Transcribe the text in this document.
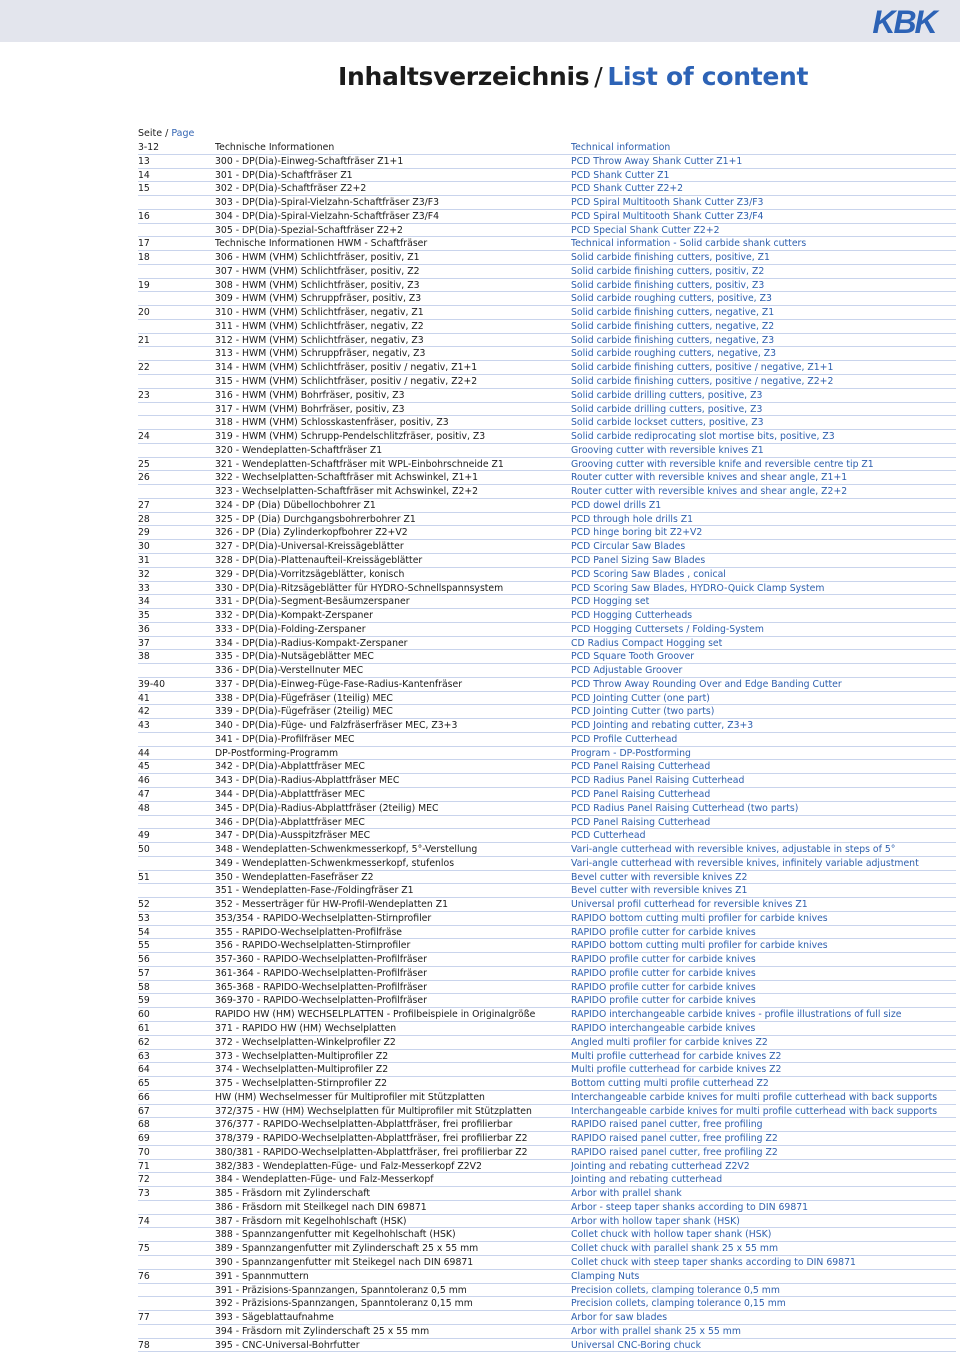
KBK
Inhaltsverzeichnis / List of content
Seite / Page
3-12	Technische Informationen	Technical information
13	300 - DP(Dia)-Einweg-Schaftfräser Z1+1	PCD Throw Away Shank Cutter Z1+1
14	301 - DP(Dia)-Schaftfräser Z1	PCD Shank Cutter Z1
15	302 - DP(Dia)-Schaftfräser Z2+2	PCD Shank Cutter Z2+2
303 - DP(Dia)-Spiral-Vielzahn-Schaftfräser Z3/F3	PCD Spiral Multitooth Shank Cutter Z3/F3
16	304 - DP(Dia)-Spiral-Vielzahn-Schaftfräser Z3/F4	PCD Spiral Multitooth Shank Cutter Z3/F4
305 - DP(Dia)-Spezial-Schaftfräser Z2+2	PCD Special Shank Cutter Z2+2
17	Technische Informationen HWM - Schaftfräser	Technical information - Solid carbide shank cutters
18	306 - HWM (VHM) Schlichtfräser, positiv, Z1	Solid carbide finishing cutters, positive, Z1
307 - HWM (VHM) Schlichtfräser, positiv, Z2	Solid carbide finishing cutters, positiv, Z2
19	308 - HWM (VHM) Schlichtfräser, positiv, Z3	Solid carbide finishing cutters, positiv, Z3
309 - HWM (VHM) Schruppfräser, positiv, Z3	Solid carbide roughing cutters, positive, Z3
20	310 - HWM (VHM) Schlichtfräser, negativ, Z1	Solid carbide finishing cutters, negative, Z1
311 - HWM (VHM) Schlichtfräser, negativ, Z2	Solid carbide finishing cutters, negative, Z2
21	312 - HWM (VHM) Schlichtfräser, negativ, Z3	Solid carbide finishing cutters, negative, Z3
313 - HWM (VHM) Schruppfräser, negativ, Z3	Solid carbide roughing cutters, negative, Z3
22	314 - HWM (VHM) Schlichtfräser, positiv / negativ, Z1+1	Solid carbide finishing cutters, positive / negative, Z1+1
315 - HWM (VHM) Schlichtfräser, positiv / negativ, Z2+2	Solid carbide finishing cutters, positive / negative, Z2+2
23	316 - HWM (VHM) Bohrfräser, positiv, Z3	Solid carbide drilling cutters, positive, Z3
317 - HWM (VHM) Bohrfräser, positiv, Z3	Solid carbide drilling cutters, positive, Z3
318 - HWM (VHM) Schlosskastenfräser, positiv, Z3	Solid carbide lockset cutters, positive, Z3
24	319 - HWM (VHM) Schrupp-Pendelschlitzfräser, positiv, Z3	Solid carbide rediprocating slot mortise bits, positive, Z3
320 - Wendeplatten-Schaftfräser Z1	Grooving cutter with reversible knives Z1
25	321 - Wendeplatten-Schaftfräser mit WPL-Einbohrschneide Z1	Grooving cutter with reversible knife and reversible centre tip Z1
26	322 - Wechselplatten-Schaftfräser mit Achswinkel, Z1+1	Router cutter with reversible knives and shear angle, Z1+1
323 - Wechselplatten-Schaftfräser mit Achswinkel, Z2+2	Router cutter with reversible knives and shear angle, Z2+2
27	324 - DP (Dia) Dübellochbohrer Z1	PCD dowel drills Z1
28	325 - DP (Dia) Durchgangsbohrerbohrer Z1	PCD through hole drills Z1
29	326 - DP (Dia) Zylinderkopfbohrer Z2+V2	PCD hinge boring bit Z2+V2
30	327 - DP(Dia)-Universal-Kreissägeblätter	PCD Circular Saw Blades
31	328 - DP(Dia)-Plattenaufteil-Kreissägeblätter	PCD Panel Sizing Saw Blades
32	329 - DP(Dia)-Vorritzsägeblätter, konisch	PCD Scoring Saw Blades , conical
33	330 - DP(Dia)-Ritzsägeblätter für HYDRO-Schnellspannsystem	PCD Scoring Saw Blades, HYDRO-Quick Clamp System
34	331 - DP(Dia)-Segment-Besäumzerspaner	PCD Hogging set
35	332 - DP(Dia)-Kompakt-Zerspaner	PCD Hogging Cutterheads
36	333 - DP(Dia)-Folding-Zerspaner	PCD Hogging Cuttersets / Folding-System
37	334 - DP(Dia)-Radius-Kompakt-Zerspaner	CD Radius Compact Hogging set
38	335 - DP(Dia)-Nutsägeblätter MEC	PCD Square Tooth Groover
336 - DP(Dia)-Verstellnuter MEC	PCD Adjustable Groover
39-40	337 - DP(Dia)-Einweg-Füge-Fase-Radius-Kantenfräser	PCD Throw Away Rounding Over and Edge Banding Cutter
41	338 - DP(Dia)-Fügefräser (1teilig) MEC	PCD Jointing Cutter (one part)
42	339 - DP(Dia)-Fügefräser (2teilig) MEC	PCD Jointing Cutter (two parts)
43	340 - DP(Dia)-Füge- und Falzfräserfräser MEC, Z3+3	PCD Jointing and rebating cutter, Z3+3
341 - DP(Dia)-Profilfräser MEC	PCD Profile Cutterhead
44	DP-Postforming-Programm	Program - DP-Postforming
45	342 - DP(Dia)-Abplattfräser MEC	PCD Panel Raising Cutterhead
46	343 - DP(Dia)-Radius-Abplattfräser MEC	PCD Radius Panel Raising Cutterhead
47	344 - DP(Dia)-Abplattfräser MEC	PCD Panel Raising Cutterhead
48	345 - DP(Dia)-Radius-Abplattfräser (2teilig) MEC	PCD Radius Panel Raising Cutterhead (two parts)
346 - DP(Dia)-Abplattfräser MEC	PCD Panel Raising Cutterhead
49	347 - DP(Dia)-Ausspitzfräser MEC	PCD Cutterhead
50	348 - Wendeplatten-Schwenkmesserkopf, 5°-Verstellung	Vari-angle cutterhead with reversible knives, adjustable in steps of 5°
349 - Wendeplatten-Schwenkmesserkopf, stufenlos	Vari-angle cutterhead with reversible knives, infinitely variable adjustment
51	350 - Wendeplatten-Fasefräser Z2	Bevel cutter with reversible knives Z2
351 - Wendeplatten-Fase-/Foldingfräser Z1	Bevel cutter with reversible knives Z1
52	352 - Messerträger für HW-Profil-Wendeplatten Z1	Universal profil cutterhead for reversible knives Z1
53	353/354 - RAPIDO-Wechselplatten-Stirnprofiler	RAPIDO bottom cutting multi profiler for carbide knives
54	355 - RAPIDO-Wechselplatten-Profilfräse	RAPIDO profile cutter for carbide knives
55	356 - RAPIDO-Wechselplatten-Stirnprofiler	RAPIDO bottom cutting multi profiler for carbide knives
56	357-360 - RAPIDO-Wechselplatten-Profilfräser	RAPIDO profile cutter for carbide knives
57	361-364 - RAPIDO-Wechselplatten-Profilfräser	RAPIDO profile cutter for carbide knives
58	365-368 - RAPIDO-Wechselplatten-Profilfräser	RAPIDO profile cutter for carbide knives
59	369-370 - RAPIDO-Wechselplatten-Profilfräser	RAPIDO profile cutter for carbide knives
60	RAPIDO HW (HM) WECHSELPLATTEN - Profilbeispiele in Originalgröße	RAPIDO interchangeable carbide knives - profile illustrations of full size
61	371 - RAPIDO HW (HM) Wechselplatten	RAPIDO interchangeable carbide knives
62	372 - Wechselplatten-Winkelprofiler Z2	Angled multi profiler for carbide knives Z2
63	373 - Wechselplatten-Multiprofiler Z2	Multi profile cutterhead for carbide knives Z2
64	374 - Wechselplatten-Multiprofiler Z2	Multi profile cutterhead for carbide knives Z2
65	375 - Wechselplatten-Stirnprofiler Z2	Bottom cutting multi profile cutterhead Z2
66	HW (HM) Wechselmesser für Multiprofiler mit Stützplatten	Interchangeable carbide knives for multi profile cutterhead with back supports
67	372/375 - HW (HM) Wechselplatten für Multiprofiler mit Stützplatten	Interchangeable carbide knives for multi profile cutterhead with back supports
68	376/377 - RAPIDO-Wechselplatten-Abplattfräser, frei profilierbar	RAPIDO raised panel cutter, free profiling
69	378/379 - RAPIDO-Wechselplatten-Abplattfräser, frei profilierbar Z2	RAPIDO raised panel cutter, free profiling Z2
70	380/381 - RAPIDO-Wechselplatten-Abplattfräser, frei profilierbar Z2	RAPIDO raised panel cutter, free profiling Z2
71	382/383 - Wendeplatten-Füge- und Falz-Messerkopf Z2V2	Jointing and rebating cutterhead Z2V2
72	384 - Wendeplatten-Füge- und Falz-Messerkopf	Jointing and rebating cutterhead
73	385 - Fräsdorn mit Zylinderschaft	Arbor with prallel shank
386 - Fräsdorn mit Steilkegel nach DIN 69871	Arbor - steep taper shanks according to DIN 69871
74	387 - Fräsdorn mit Kegelhohlschaft (HSK)	Arbor with hollow taper shank (HSK)
388 - Spannzangenfutter mit Kegelhohlschaft (HSK)	Collet chuck with hollow taper shank (HSK)
75	389 - Spannzangenfutter mit Zylinderschaft 25 x 55 mm	Collet chuck with parallel shank 25 x 55 mm
390 - Spannzangenfutter mit Steikegel nach DIN 69871	Collet chuck with steep taper shanks according to DIN 69871
76	391 - Spannmuttern	Clamping Nuts
391 - Präzisions-Spannzangen, Spanntoleranz 0,5 mm	Precision collets, clamping tolerance 0,5 mm
392 - Präzisions-Spannzangen, Spanntoleranz 0,15 mm	Precision collets, clamping tolerance 0,15 mm
77	393 - Sägeblattaufnahme	Arbor for saw blades
394 - Fräsdorn mit Zylinderschaft 25 x 55 mm	Arbor with prallel shank 25 x 55 mm
78	395 - CNC-Universal-Bohrfutter	Universal CNC-Boring chuck
